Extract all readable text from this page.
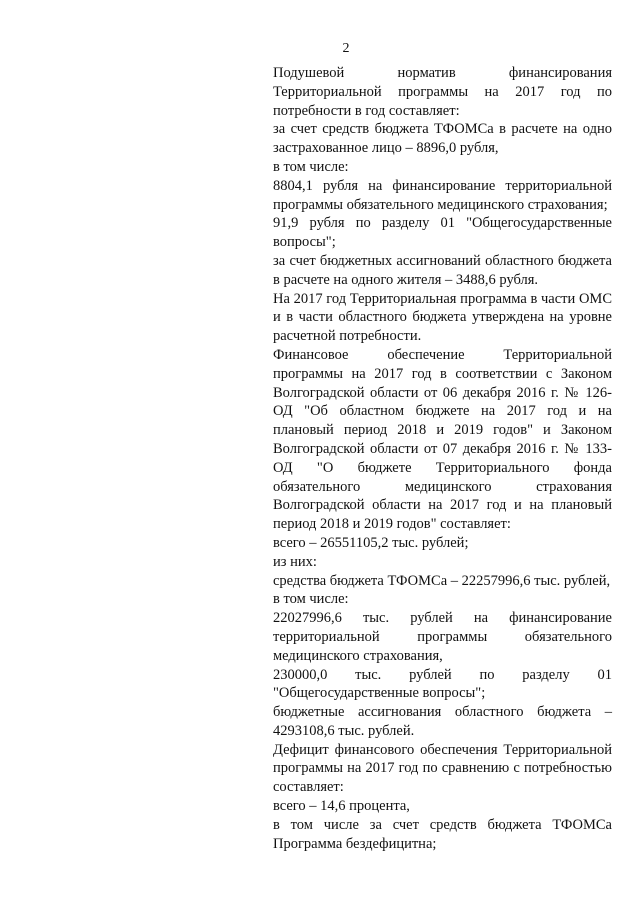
2

Подушевой норматив финансирования Территориальной программы на 2017 год по потребности в год составляет:

за счет средств бюджета ТФОМСа в расчете на одно застрахованное лицо – 8896,0 рубля,

в том числе:

8804,1 рубля на финансирование территориальной программы обязательного медицинского страхования;

91,9 рубля по разделу 01 "Общегосударственные вопросы";

за счет бюджетных ассигнований областного бюджета в расчете на одного жителя – 3488,6 рубля.

На 2017 год Территориальная программа в части ОМС и в части областного бюджета утверждена на уровне расчетной потребности.

Финансовое обеспечение Территориальной программы на 2017 год в соответствии с Законом Волгоградской области от 06 декабря 2016 г. № 126-ОД "Об областном бюджете на 2017 год и на плановый период 2018 и 2019 годов" и Законом Волгоградской области от 07 декабря 2016 г. № 133-ОД "О бюджете Территориального фонда обязательного медицинского страхования Волгоградской области на 2017 год и на плановый период 2018 и 2019 годов" составляет:

всего – 26551105,2 тыс. рублей;

из них:

средства бюджета ТФОМСа – 22257996,6 тыс. рублей,

в том числе:

22027996,6 тыс. рублей на финансирование территориальной программы обязательного медицинского страхования,

230000,0 тыс. рублей по разделу 01 "Общегосударственные вопросы";

бюджетные ассигнования областного бюджета – 4293108,6 тыс. рублей.

Дефицит финансового обеспечения Территориальной программы на 2017 год по сравнению с потребностью составляет:

всего – 14,6 процента,

в том числе за счет средств бюджета ТФОМСа Программа бездефицитна;
